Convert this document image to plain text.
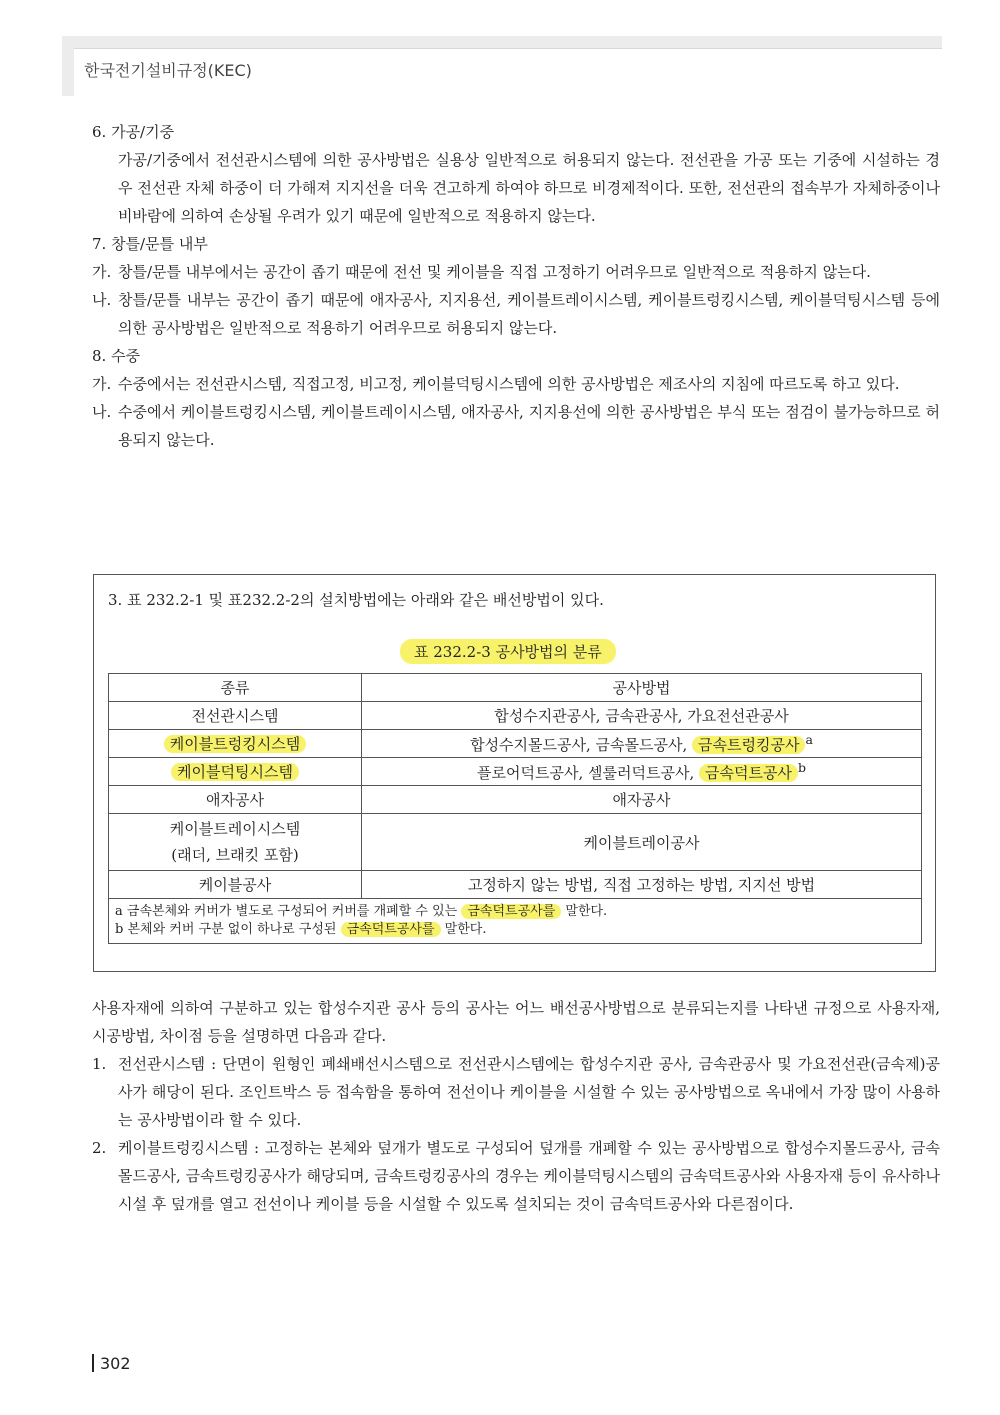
한국전기설비규정(KEC)

6. 가공/기중

가공/기중에서 전선관시스템에 의한 공사방법은 실용상 일반적으로 허용되지 않는다. 전선관을 가공 또는 기중에 시설하는 경우 전선관 자체 하중이 더 가해져 지지선을 더욱 견고하게 하여야 하므로 비경제적이다. 또한, 전선관의 접속부가 자체하중이나 비바람에 의하여 손상될 우려가 있기 때문에 일반적으로 적용하지 않는다.

7. 창틀/문틀 내부

가. 창틀/문틀 내부에서는 공간이 좁기 때문에 전선 및 케이블을 직접 고정하기 어려우므로 일반적으로 적용하지 않는다.
나. 창틀/문틀 내부는 공간이 좁기 때문에 애자공사, 지지용선, 케이블트레이시스템, 케이블트렁킹시스템, 케이블덕팅시스템 등에 의한 공사방법은 일반적으로 적용하기 어려우므로 허용되지 않는다.

8. 수중

가. 수중에서는 전선관시스템, 직접고정, 비고정, 케이블덕팅시스템에 의한 공사방법은 제조사의 지침에 따르도록 하고 있다.
나. 수중에서 케이블트렁킹시스템, 케이블트레이시스템, 애자공사, 지지용선에 의한 공사방법은 부식 또는 점검이 불가능하므로 허용되지 않는다.
3. 표 232.2-1 및 표232.2-2의 설치방법에는 아래와 같은 배선방법이 있다.
표 232.2-3 공사방법의 분류
종류	공사방법
전선관시스템	합성수지관공사, 금속관공사, 가요전선관공사
케이블트렁킹시스템	합성수지몰드공사, 금속몰드공사, 금속트렁킹공사 $^a$
케이블덕팅시스템	플로어덕트공사, 셀룰러덕트공사, 금속덕트공사 $^b$
애자공사	애자공사

케이블트레이시스템
(래더, 브래킷 포함)	케이블트레이공사
케이블공사	고정하지 않는 방법, 직접 고정하는 방법, 지지선 방법

a 금속본체와 커버가 별도로 구성되어 커버를 개폐할 수 있는 금속덕트공사를 말한다.
b 본체와 커버 구분 없이 하나로 구성된 금속덕트공사를 말한다.	

사용자재에 의하여 구분하고 있는 합성수지관 공사 등의 공사는 어느 배선공사방법으로 분류되는지를 나타낸 규정으로 사용자재, 시공방법, 차이점 등을 설명하면 다음과 같다.

1. 전선관시스템 : 단면이 원형인 폐쇄배선시스템으로 전선관시스템에는 합성수지관 공사, 금속관공사 및 가요전선관(금속제)공사가 해당이 된다. 조인트박스 등 접속함을 통하여 전선이나 케이블을 시설할 수 있는 공사방법으로 옥내에서 가장 많이 사용하는 공사방법이라 할 수 있다.
2. 케이블트렁킹시스템 : 고정하는 본체와 덮개가 별도로 구성되어 덮개를 개폐할 수 있는 공사방법으로 합성수지몰드공사, 금속몰드공사, 금속트렁킹공사가 해당되며, 금속트렁킹공사의 경우는 케이블덕팅시스템의 금속덕트공사와 사용자재 등이 유사하나 시설 후 덮개를 열고 전선이나 케이블 등을 시설할 수 있도록 설치되는 것이 금속덕트공사와 다른점이다.
302
